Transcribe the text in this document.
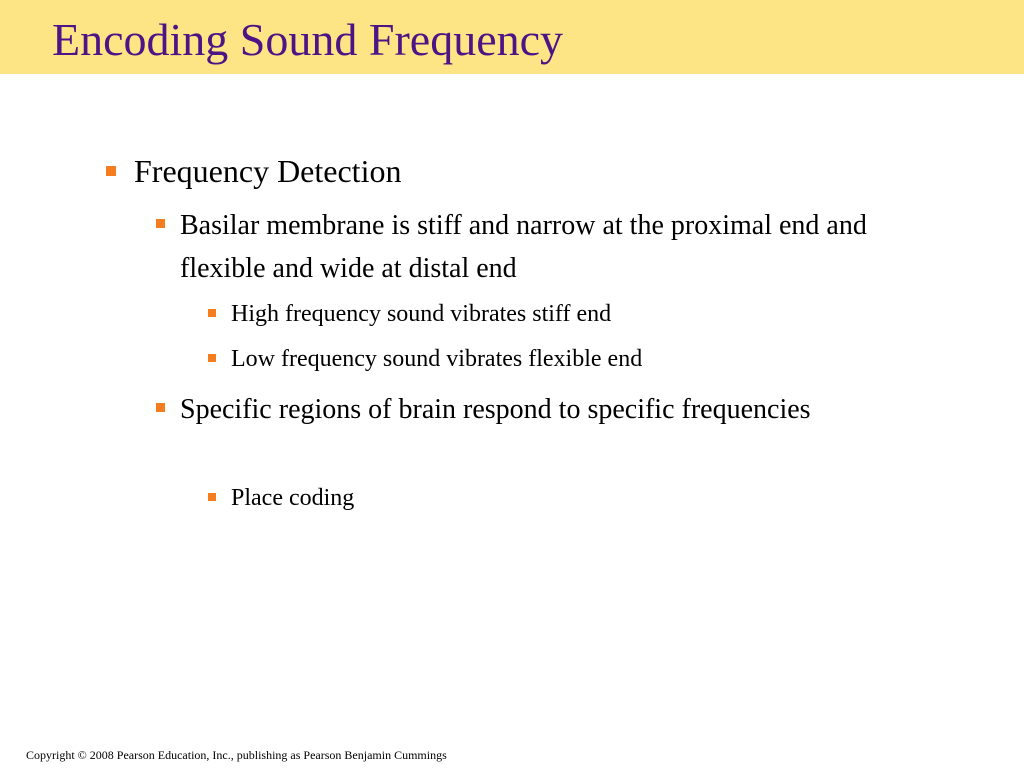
Encoding Sound Frequency
Frequency Detection
Basilar membrane is stiff and narrow at the proximal end and flexible and wide at distal end
High frequency sound vibrates stiff end
Low frequency sound vibrates flexible end
Specific regions of brain respond to specific frequencies
Place coding
Copyright © 2008 Pearson Education, Inc., publishing as Pearson Benjamin Cummings
